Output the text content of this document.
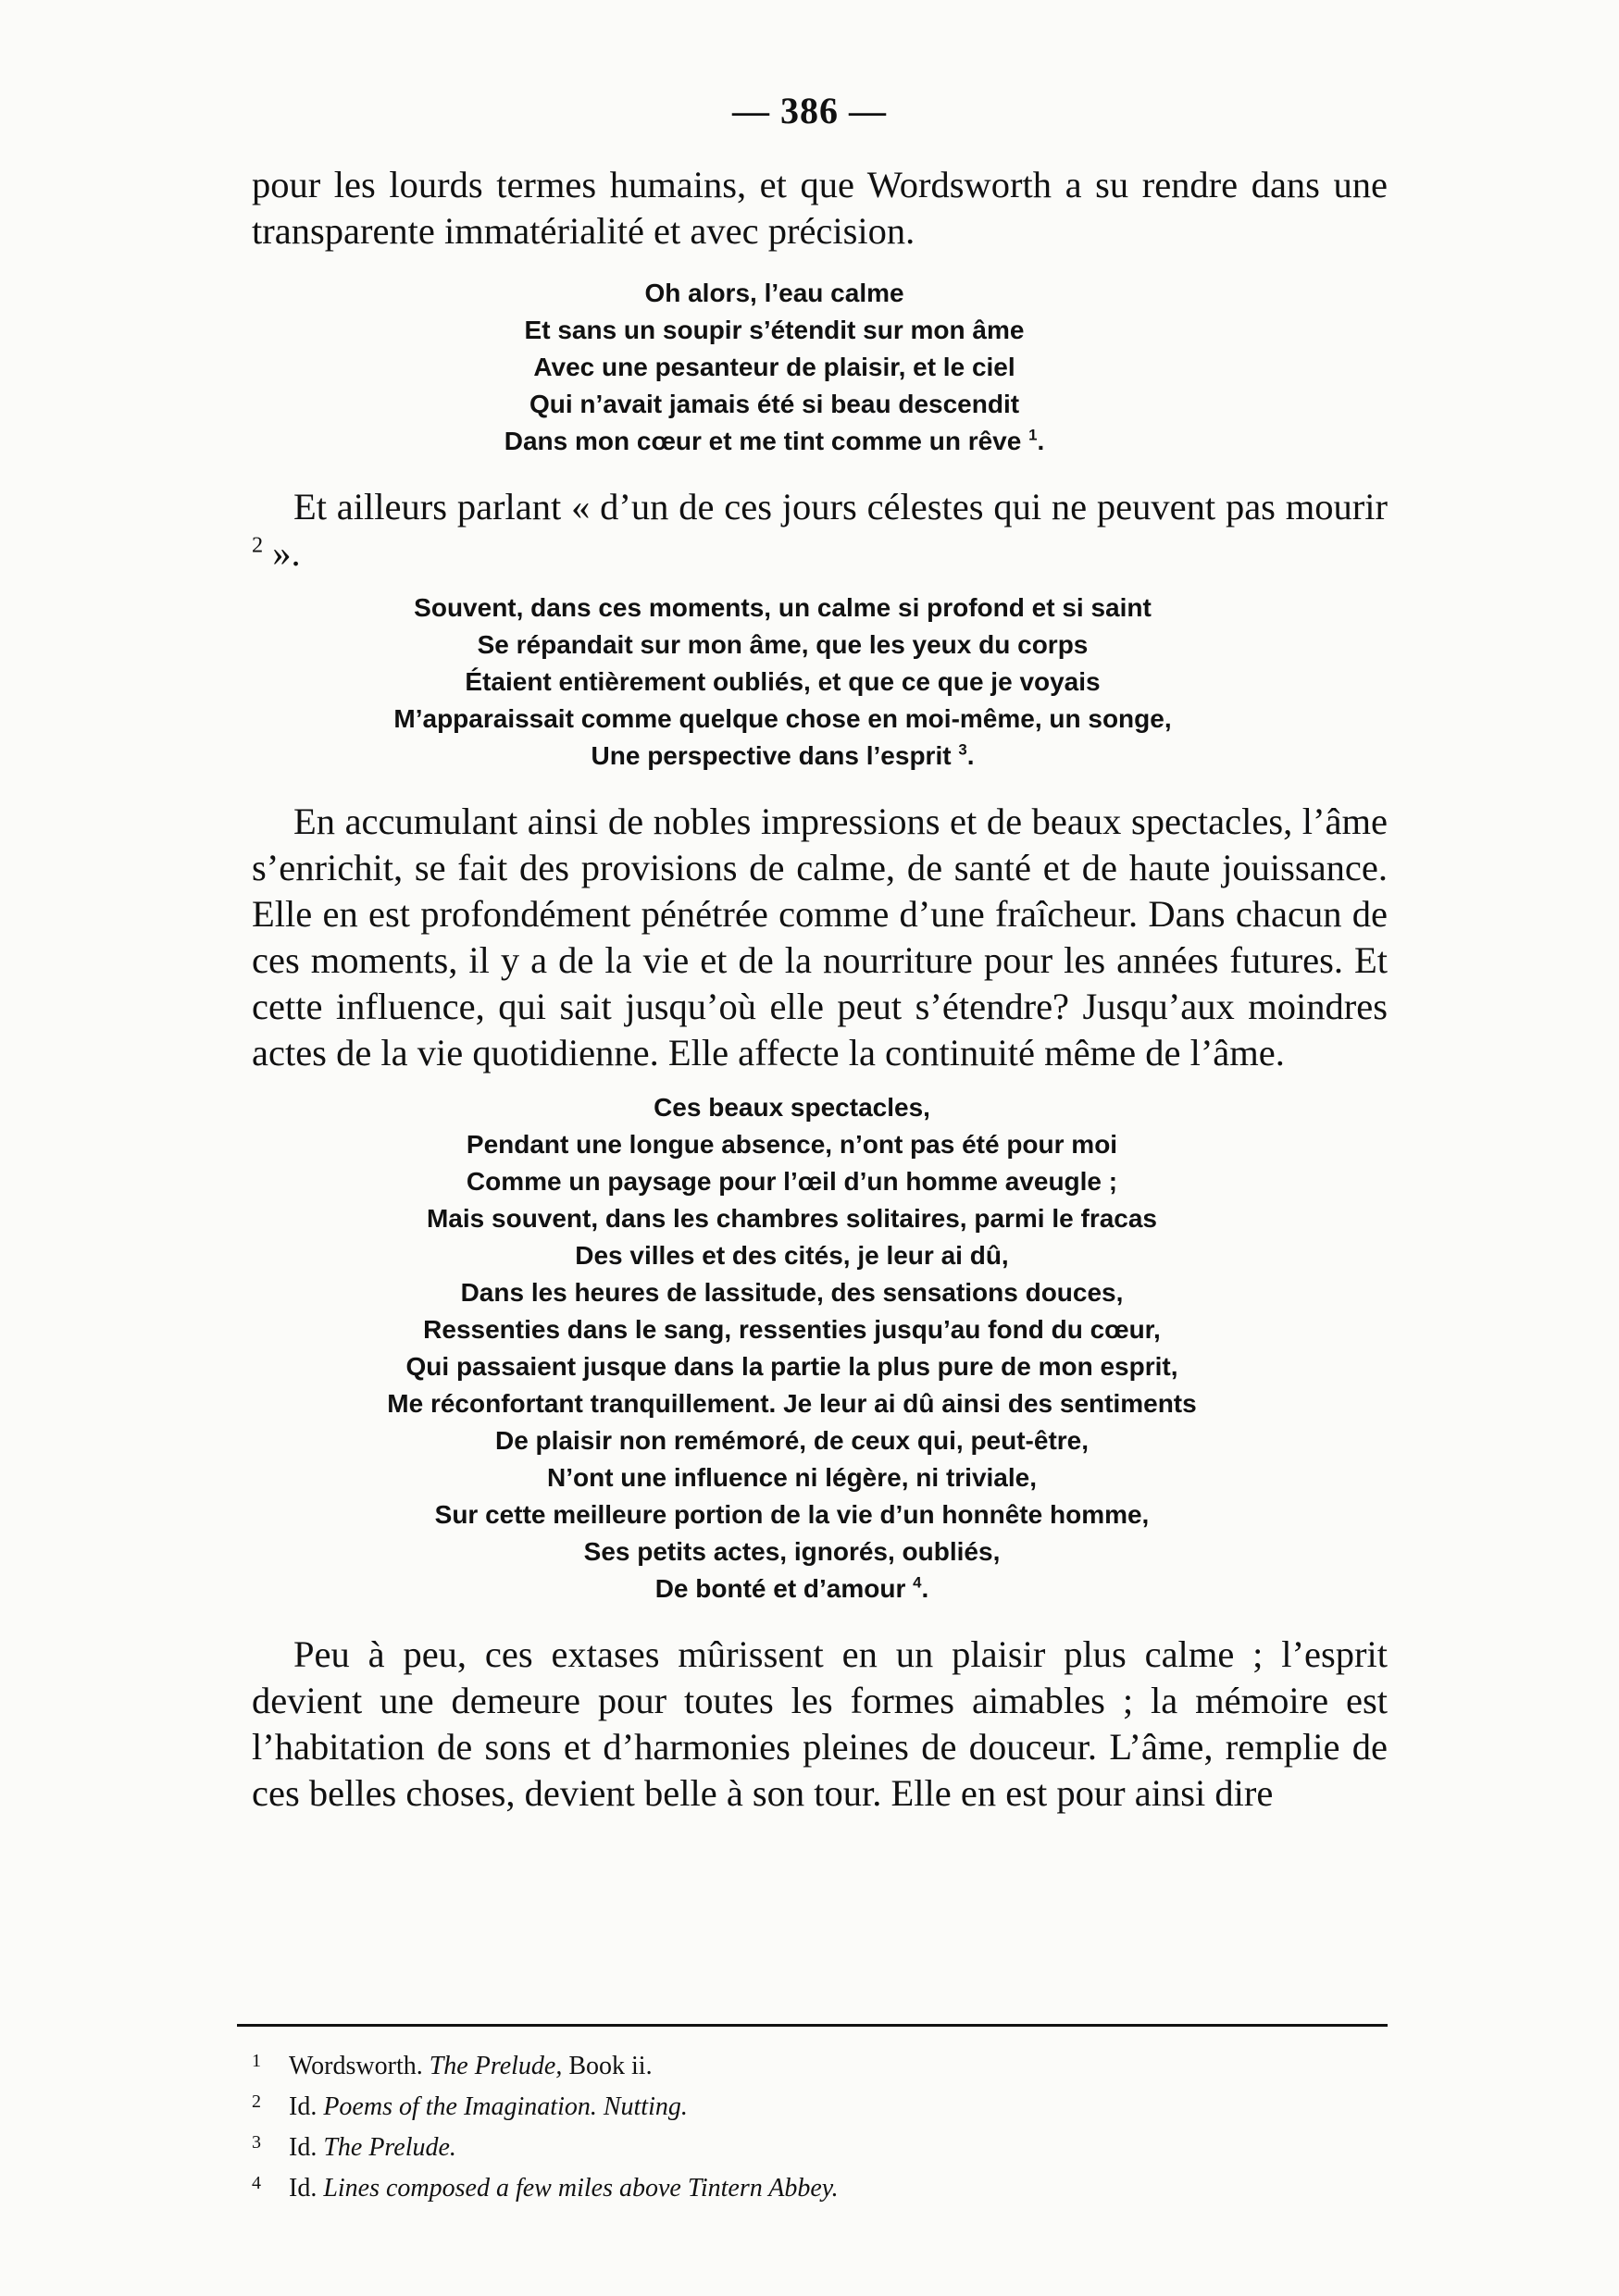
— 386 —

pour les lourds termes humains, et que Wordsworth a su rendre dans une transparente immatérialité et avec précision.

Oh alors, l’eau calme
Et sans un soupir s’étendit sur mon âme
Avec une pesanteur de plaisir, et le ciel
Qui n’avait jamais été si beau descendit
Dans mon cœur et me tint comme un rêve $^1$.

Et ailleurs parlant « d’un de ces jours célestes qui ne peuvent pas mourir $^2$ ».

Souvent, dans ces moments, un calme si profond et si saint
Se répandait sur mon âme, que les yeux du corps
Étaient entièrement oubliés, et que ce que je voyais
M’apparaissait comme quelque chose en moi-même, un songe,
Une perspective dans l’esprit $^3$.

En accumulant ainsi de nobles impressions et de beaux spectacles, l’âme s’enrichit, se fait des provisions de calme, de santé et de haute jouissance. Elle en est profondément pénétrée comme d’une fraîcheur. Dans chacun de ces moments, il y a de la vie et de la nourriture pour les années futures. Et cette influence, qui sait jusqu’où elle peut s’étendre? Jusqu’aux moindres actes de la vie quotidienne. Elle affecte la continuité même de l’âme.

Ces beaux spectacles,
Pendant une longue absence, n’ont pas été pour moi
Comme un paysage pour l’œil d’un homme aveugle ;
Mais souvent, dans les chambres solitaires, parmi le fracas
Des villes et des cités, je leur ai dû,
Dans les heures de lassitude, des sensations douces,
Ressenties dans le sang, ressenties jusqu’au fond du cœur,
Qui passaient jusque dans la partie la plus pure de mon esprit,
Me réconfortant tranquillement. Je leur ai dû ainsi des sentiments
De plaisir non remémoré, de ceux qui, peut-être,
N’ont une influence ni légère, ni triviale,
Sur cette meilleure portion de la vie d’un honnête homme,
Ses petits actes, ignorés, oubliés,
De bonté et d’amour $^4$.

Peu à peu, ces extases mûrissent en un plaisir plus calme ; l’esprit devient une demeure pour toutes les formes aimables ; la mémoire est l’habitation de sons et d’harmonies pleines de douceur. L’âme, remplie de ces belles choses, devient belle à son tour. Elle en est pour ainsi dire

1 Wordsworth. The Prelude, Book ii.
2 Id. Poems of the Imagination. Nutting.
3 Id. The Prelude.
4 Id. Lines composed a few miles above Tintern Abbey.
